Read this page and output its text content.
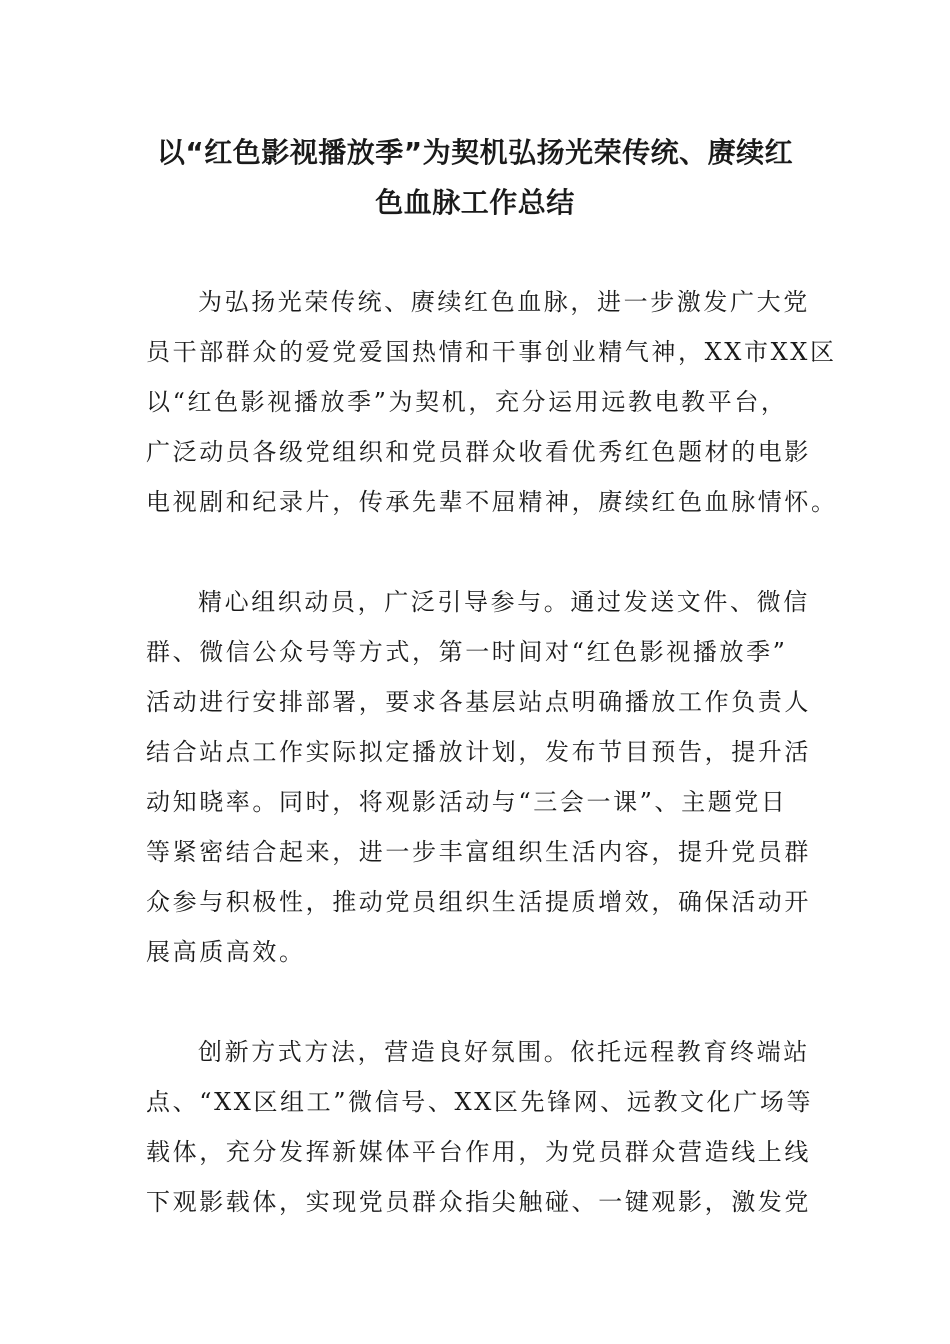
以“红色影视播放季”为契机弘扬光荣传统、赓续红
色血脉工作总结

为弘扬光荣传统、赓续红色血脉，进一步激发广大党
员干部群众的爱党爱国热情和干事创业精气神，XX市XX区
以“红色影视播放季”为契机，充分运用远教电教平台，
广泛动员各级党组织和党员群众收看优秀红色题材的电影
电视剧和纪录片，传承先辈不屈精神，赓续红色血脉情怀。

精心组织动员，广泛引导参与。通过发送文件、微信
群、微信公众号等方式，第一时间对“红色影视播放季”
活动进行安排部署，要求各基层站点明确播放工作负责人
结合站点工作实际拟定播放计划，发布节目预告，提升活
动知晓率。同时，将观影活动与“三会一课”、主题党日
等紧密结合起来，进一步丰富组织生活内容，提升党员群
众参与积极性，推动党员组织生活提质增效，确保活动开
展高质高效。

创新方式方法，营造良好氛围。依托远程教育终端站
点、“XX区组工”微信号、XX区先锋网、远教文化广场等
载体，充分发挥新媒体平台作用，为党员群众营造线上线
下观影载体，实现党员群众指尖触碰、一键观影，激发党
